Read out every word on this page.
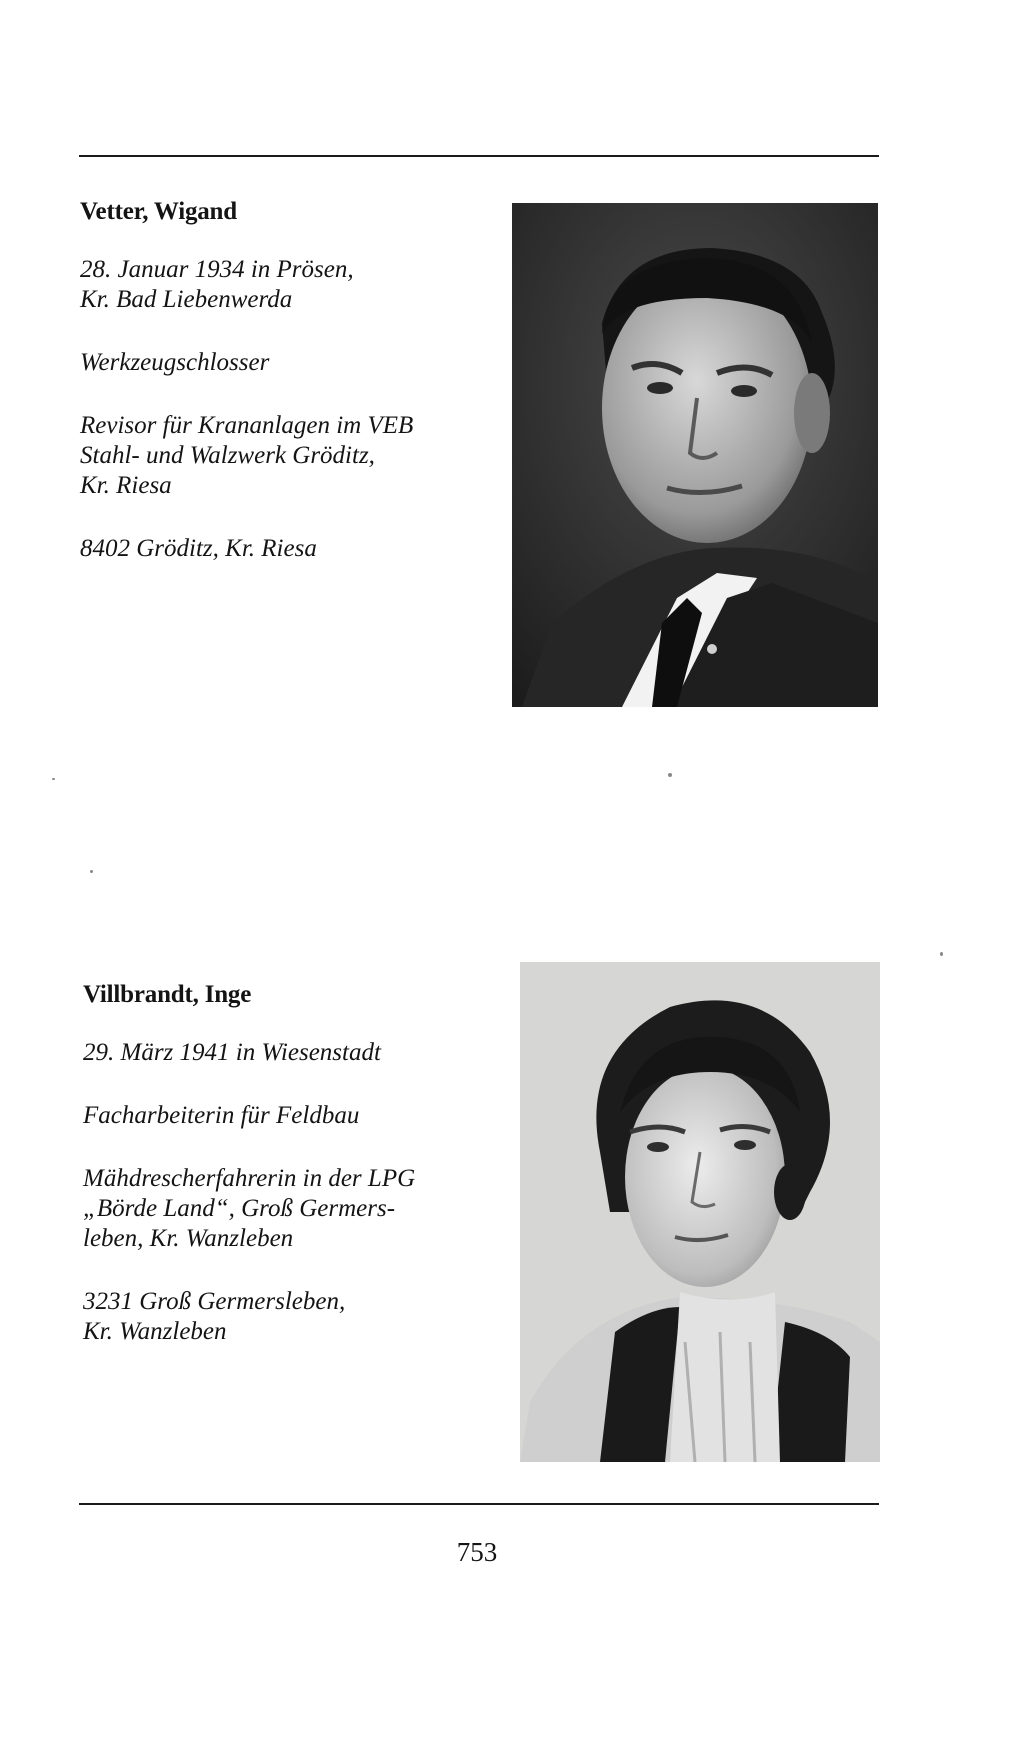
Vetter, Wigand

28. Januar 1934 in Prösen,
Kr. Bad Liebenwerda

Werkzeugschlosser

Revisor für Krananlagen im VEB
Stahl- und Walzwerk Gröditz,
Kr. Riesa

8402 Gröditz, Kr. Riesa

Villbrandt, Inge

29. März 1941 in Wiesenstadt

Facharbeiterin für Feldbau

Mähdrescherfahrerin in der LPG
„Börde Land“, Groß Germers-
leben, Kr. Wanzleben

3231 Groß Germersleben,
Kr. Wanzleben

753
